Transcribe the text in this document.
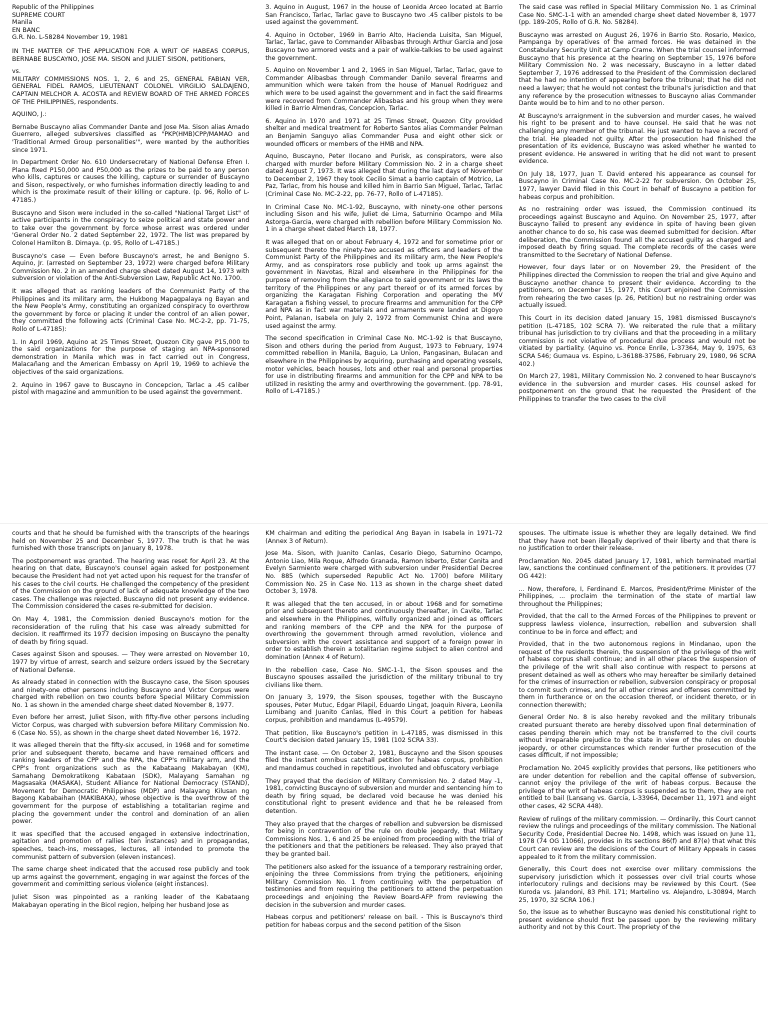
Republic of the Philippines

SUPREME COURT

Manila

EN BANC

G.R. No. L-58284 November 19, 1981

IN THE MATTER OF THE APPLICATION FOR A WRIT OF HABEAS CORPUS, BERNABE BUSCAYNO, JOSE MA. SISON and JULIET SISON, petitioners,

vs.

MILITARY COMMISSIONS NOS. 1, 2, 6 and 25, GENERAL FABIAN VER, GENERAL FIDEL RAMOS, LIEUTENANT COLONEL VIRGILIO SALDAJENO, CAPTAIN MELCHOR A. ACOSTA and REVIEW BOARD OF THE ARMED FORCES OF THE PHILIPPINES, respondents.

AQUINO, J.:

Bernabe Buscayno alias Commander Dante and Jose Ma. Sison alias Amado Guerrero, alleged subversives classified as "PKP(HMB)CPP/MAMAO and 'Traditional Armed Group personalities'", were wanted by the authorities since 1971.

In Department Order No. 610 Undersecretary of National Defense Efren I. Plana fixed P150,000 and P50,000 as the prizes to be paid to any person who kills, captures or causes the killing, capture or surrender of Buscayno and Sison, respectively, or who furnishes information directly leading to and which is the proximate result of their killing or capture. (p. 96, Rollo of L-47185.)

Buscayno and Sison were included in the so-called "National Target List" of active participants in the conspiracy to seize political and state power and to take over the government by force whose arrest was ordered under 'General Order No. 2 dated September 22, 1972. The list was prepared by Colonel Hamilton B. Dimaya. (p. 95, Rollo of L-47185.)

Buscayno's case — Even before Buscayno's arrest, he and Benigno S. Aquino, Jr. (arrested on September 23, 1972) were charged before Military Commission No. 2 in an amended charge sheet dated August 14, 1973 with subversion or violation of the Anti-Subversion Law, Republic Act No. 1700.

It was alleged that as ranking leaders of the Communist Party of the Philippines and its military arm, the Hukbong Mapagpalaya ng Bayan and the New People's Army, constituting an organized conspiracy to overthrow the government by force or placing it under the control of an alien power, they committed the following acts (Criminal Case No. MC-2-2, pp. 71-75, Rollo of L-47185):

1. In April 1969, Aquino at 25 Times Street, Quezon City gave P15,000 to the said organizations for the purpose of staging an NPA-sponsored demonstration in Manila which was in fact carried out in Congress, Malacañang and the American Embassy on April 19, 1969 to achieve the objectives of the said organizations.

2. Aquino in 1967 gave to Buscayno in Concepcion, Tarlac a .45 caliber pistol with magazine and ammunition to be used against the government.

3. Aquino in August, 1967 in the house of Leonida Arceo located at Barrio San Francisco, Tarlac, Tarlac gave to Buscayno two .45 caliber pistols to be used against the government.

4. Aquino in October, 1969 in Barrio Alto, Hacienda Luisita, San Miguel, Tarlac, Tarlac, gave to Commander Alibasbas through Arthur Garcia and Jose Buscayno two armored vests and a pair of walkie-talkies to be used against the government.

5. Aquino on November 1 and 2, 1965 in San Miguel, Tarlac, Tarlac, gave to Commander Alibasbas through Commander Danilo several firearms and ammunition which were taken from the house of Manuel Rodriguez and which were to be used against the government and in fact the said firearms were recovered from Commander Alibasbas and his group when they were killed in Barrio Almendras, Concepcion, Tarlac.

6. Aquino in 1970 and 1971 at 25 Times Street, Quezon City provided shelter and medical treatment for Roberto Santos alias Commander Pelman an Benjamin Sanguyo alias Commander Pusa and eight other sick or wounded officers or members of the HMB and NPA.

Aquino, Buscayno, Peter Ilocano and Purisk, as conspirators, were also charged with murder before Military Commission No. 2 in a charge sheet dated August 7, 1973. It was alleged that during the last days of November to December 2, 1967 they took Cecilio Simat a barrio captain of Motrico, La Paz, Tarlac, from his house and killed him in Barrio San Miguel, Tarlac, Tarlac (Criminal Case No. MC-2-22, pp. 76-77, Rollo of L-47185).

In Criminal Case No. MC-1-92, Buscayno, with ninety-one other persons including Sison and his wife, Juliet de Lima, Saturnino Ocampo and Mila Astorga-Garcia, were charged with rebellion before Military Commission No. 1 in a charge sheet dated March 18, 1977.

It was alleged that on or about February 4, 1972 and for sometime prior or subsequent thereto the ninety-two accused as officers and leaders of the Communist Party of the Philippines and its military arm, the New People's Army, and as conspirators rose publicly and took up arms against the government in Navotas, Rizal and elsewhere in the Philippines for the purpose of removing from the allegiance to said government or its laws the territory of the Philippines or any part thereof or of its armed forces by organizing the Karagatan Fishing Corporation and operating the MV Karagatan a fishing vessel, to procure firearms and ammunition for the CPP and NPA as in fact war materials and armaments were landed at Digoyo Point, Palanan, Isabela on July 2, 1972 from Communist China and were used against the army.

The second specification in Criminal Case No. MC-1-92 is that Buscayno, Sison and others during the period from August, 1973 to February, 1974 committed rebellion in Manila, Baguio, La Union, Pangasinan, Bulacan and elsewhere in the Philippines by acquiring, purchasing and operating vessels, motor vehicles, beach houses, lots and other real and personal properties for use in distributing firearms and ammunition for the CPP and NPA to be utilized in resisting the army and overthrowing the government. (pp. 78-91, Rollo of L-47185.)

The said case was refiled in Special Military Commission No. 1 as Criminal Case No. SMC-1-1 with an amended charge sheet dated November 8, 1977 (pp. 189-205, Rollo of G.R. No. 58284).

Buscayno was arrested on August 26, 1976 in Barrio Sto. Rosario, Mexico, Pampanga by operatives of the armed forces. He was detained in the Constabulary Security Unit at Camp Crame. When the trial counsel informed Buscayno that his presence at the hearing on September 15, 1976 before Military Commission No. 2 was necessary, Buscayno in a letter dated September 7, 1976 addressed to the President of the Commission declared that he had no intention of appearing before the tribunal; that he did not need a lawyer; that he would not contest the tribunal's jurisdiction and that any reference by the prosecution witnesses to Buscayno alias Commander Dante would be to him and to no other person.

At Buscayno's arraignment in the subversion and murder cases, he waived his right to be present and to have counsel. He said that he was not challenging any member of the tribunal. He just wanted to have a record of the trial. He pleaded not guilty. After the prosecution had finished the presentation of its evidence, Buscayno was asked whether he wanted to present evidence. He answered in writing that he did not want to present evidence.

On July 18, 1977, Juan T. David entered his appearance as counsel for Buscayno in Criminal Case No. MC-2-22 for subversion. On October 25, 1977, lawyer David filed in this Court in behalf of Buscayno a petition for habeas corpus and prohibition.

As no restraining order was issued, the Commission continued its proceedings against Buscayno and Aquino. On November 25, 1977, after Buscayno failed to present any evidence in spite of having been given another chance to do so, his case was deemed submitted for decision. After deliberation, the Commission found all the accused guilty as charged and imposed death by firing squad. The complete records of the cases were transmitted to the Secretary of National Defense.

However, four days later or on November 29, the President of the Philippines directed the Commission to reopen the trial and give Aquino and Buscayno another chance to present their evidence. According to the petitioners, on December 15, 1977, this Court enjoined the Commission from rehearing the two cases (p. 26, Petition) but no restraining order was actually issued.

This Court in its decision dated January 15, 1981 dismissed Buscayno's petition (L-47185, 102 SCRA 7). We reiterated the rule that a military tribunal has jurisdiction to try civilians and that the proceeding in a military commission is not violative of procedural due process and would not be vitiated by partiality. (Aquino vs. Ponce Enrile, L-37364, May 9, 1975, 63 SCRA 546; Gumaua vs. Espino, L-36188-37586, February 29, 1980, 96 SCRA 402.)

On March 27, 1981, Military Commission No. 2 convened to hear Buscayno's evidence in the subversion and murder cases. His counsel asked for postponement on the ground that he requested the President of the Philippines to transfer the two cases to the civil

courts and that he should be furnished with the transcripts of the hearings held on November 25 and December 5, 1977. The truth is that he was furnished with those transcripts on January 8, 1978.

The postponement was granted. The hearing was reset for April 23. At the hearing on that date, Buscayno's counsel again asked for postponement because the President had not yet acted upon his request for the transfer of his cases to the civil courts. He challenged the competency of the president of the Commission on the ground of lack of adequate knowledge of the two cases. The challenge was rejected. Buscayno did not present any evidence. The Commission considered the cases re-submitted for decision.

On May 4, 1981, the Commission denied Buscayno's motion for the reconsideration of the ruling that his case was already submitted for decision. It reaffirmed its 1977 decision imposing on Buscayno the penalty of death by firing squad.

Cases against Sison and spouses. — They were arrested on November 10, 1977 by virtue of arrest, search and seizure orders issued by the Secretary of National Defense.

As already stated in connection with the Buscayno case, the Sison spouses and ninety-one other persons including Buscayno and Victor Corpus were charged with rebellion on two counts before Special Military Commission No. 1 as shown in the amended charge sheet dated November 8, 1977.

Even before her arrest, Juliet Sison, with fifty-five other persons including Victor Corpus, was charged with subversion before Military Commission No. 6 (Case No. 55), as shown in the charge sheet dated November 16, 1972.

It was alleged therein that the fifty-six accused, in 1968 and for sometime prior and subsequent thereto, became and have remained officers and ranking leaders of the CPP and the NPA, the CPP's military arm, and the CPP's front organizations such as the Kabataang Makabayan (KM), Samahang Demokratikong Kabataan (SDK), Malayang Samahan ng Magsasaka (MASAKA), Student Alliance for National Democracy (STAND), Movement for Democratic Philippines (MDP) and Malayang Kilusan ng Bagong Kababaihan (MAKIBAKA), whose objective is the overthrow of the government for the purpose of establishing a totalitarian regime and placing the government under the control and domination of an alien power.

It was specified that the accused engaged in extensive indoctrination, agitation and promotion of rallies (ten instances) and in propagandas, speeches, teach-ins, messages, lectures, all intended to promote the communist pattern of subversion (eleven instances).

The same charge sheet indicated that the accused rose publicly and took up arms against the government, engaging in war against the forces of the government and committing serious violence (eight instances).

Juliet Sison was pinpointed as a ranking leader of the Kabataang Makabayan operating in the Bicol region, helping her husband Jose as

KM chairman and editing the periodical Ang Bayan in Isabela in 1971-72 (Annex 3 of Return).

Jose Ma. Sison, with Juanito Canlas, Cesario Diego, Saturnino Ocampo, Antonio Liao, Mila Roque, Alfredo Granada, Ramon Isberto, Ester Cenita and Evelyn Sarmiento were charged with subversion under Presidential Decree No. 885 (which superseded Republic Act No. 1700) before Military Commission No. 25 in Case No. 113 as shown in the charge sheet dated October 3, 1978.

It was alleged that the ten accused, in or about 1968 and for sometime prior and subsequent thereto and continuously thereafter, in Cavite, Tarlac and elsewhere in the Philippines, wilfully organized and joined as officers and ranking members of the CPP and the NPA for the purpose of overthrowing the government through armed revolution, violence and subversion with the covert assistance and support of a foreign power in order to establish therein a totalitarian regime subject to alien control and domination (Annex 4 of Return).

In the rebellion case, Case No. SMC-1-1, the Sison spouses and the Buscayno spouses assailed the jurisdiction of the military tribunal to try civilians like them.

On January 3, 1979, the Sison spouses, together with the Buscayno spouses, Peter Mutuc, Edgar Pilapil, Eduardo Lingat, Joaquin Rivera, Leonila Lumibang and Juanito Canlas, filed in this Court a petition for habeas corpus, prohibition and mandamus (L-49579).

That petition, like Buscayno's petition in L-47185, was dismissed in this Court's decision dated January 15, 1981 (102 SCRA 33).

The instant case. — On October 2, 1981, Buscayno and the Sison spouses filed the instant omnibus catchall petition for habeas corpus, prohibition and mandamus couched in repetitious, involuted and obfuscatory verbiage

They prayed that the decision of Military Commission No. 2 dated May -1, 1981, convicting Buscayno of subversion and murder and sentencing him to death by firing squad, be declared void because he was denied his constitutional right to present evidence and that he be released from detention.

They also prayed that the charges of rebellion and subversion be dismissed for being in contravention of the rule on double jeopardy, that Military Commissions Nos. 1, 6 and 25 be enjoined from proceeding with the trial of the petitioners and that the petitioners be released. They also prayed that they be granted bail.

The petitioners also asked for the issuance of a temporary restraining order, enjoining the three Commissions from trying the petitioners, enjoining Military Commission No. 1 from continuing with the perpetuation of testimonies and from requiring the petitioners to attend the perpetuation proceedings and enjoining the Review Board-AFP from reviewing the decision in the subversion and murder cases.

Habeas corpus and petitioners' release on bail. - This is Buscayno's third petition for habeas corpus and the second petition of the Sison

spouses. The ultimate issue is whether they are legally detained. We find that they have not been illegally deprived of their liberty and that there is no justification to order their release.

Proclamation No. 2045 dated January 17, 1981, which terminated martial law, sanctions the continued confinement of the petitioners. It provides (77 OG 442):

... Now, therefore, I, Ferdinand E. Marcos, President/Prime Minister of the Philippines, ... proclaim the termination of the state of martial law throughout the Philippines;

Provided, that the call to the Armed Forces of the Philippines to prevent or suppress lawless violence, insurrection, rebellion and subversion shall continue to be in force and effect; and

Provided, that in the two autonomous regions in Mindanao, upon the request of the residents therein, the suspension of the privilege of the writ of habeas corpus shall continue; and in all other places the suspension of the privilege of the writ shall also continue with respect to persons at present detained as well as others who may hereafter be similarly detained for the crimes of insurrection or rebellion, subversion conspiracy or proposal to commit such crimes, and for all other crimes and offenses committed by them in furtherance or on the occasion thereof, or incident thereto, or in connection therewith;

General Order No. 8 is also hereby revoked and the military tribunals created pursuant thereto are hereby dissolved upon final determination of cases pending therein which may not be transferred to the civil courts without irreparable prejudice to the state in view of the rules on double jeopardy, or other circumstances which render further prosecution of the cases difficult, if not impossible;

Proclamation No. 2045 explicitly provides that persons, like petitioners who are under detention for rebellion and the capital offense of subversion, cannot enjoy the privilege of the writ of habeas corpus. Because the privilege of the writ of habeas corpus is suspended as to them, they are not entitled to bail (Lansang vs. Garcia, L-33964, December 11, 1971 and eight other cases, 42 SCRA 448).

Review of rulings of the military commission. — Ordinarily, this Court cannot review the rulings and proceedings of the military commission. The National Security Code, Presidential Decree No. 1498, which was issued on June 11, 1978 (74 OG 11066), provides in its sections 86(f) and 87(e) that what this Court can review are the decisions of the Court of Military Appeals in cases appealed to it from the military commission.

Generally, this Court does not exercise over military commissions the supervisory jurisdiction which it possesses over civil trial courts whose interlocutory rulings and decisions may be reviewed by this Court. (See Kuroda vs. Jalandoni, 83 Phil. 171; Martelino vs. Alejandro, L-30894, March 25, 1970, 32 SCRA 106.)

So, the issue as to whether Buscayno was denied his constitutional right to present evidence should first be passed upon by the reviewing military authority and not by this Court. The propriety of the
